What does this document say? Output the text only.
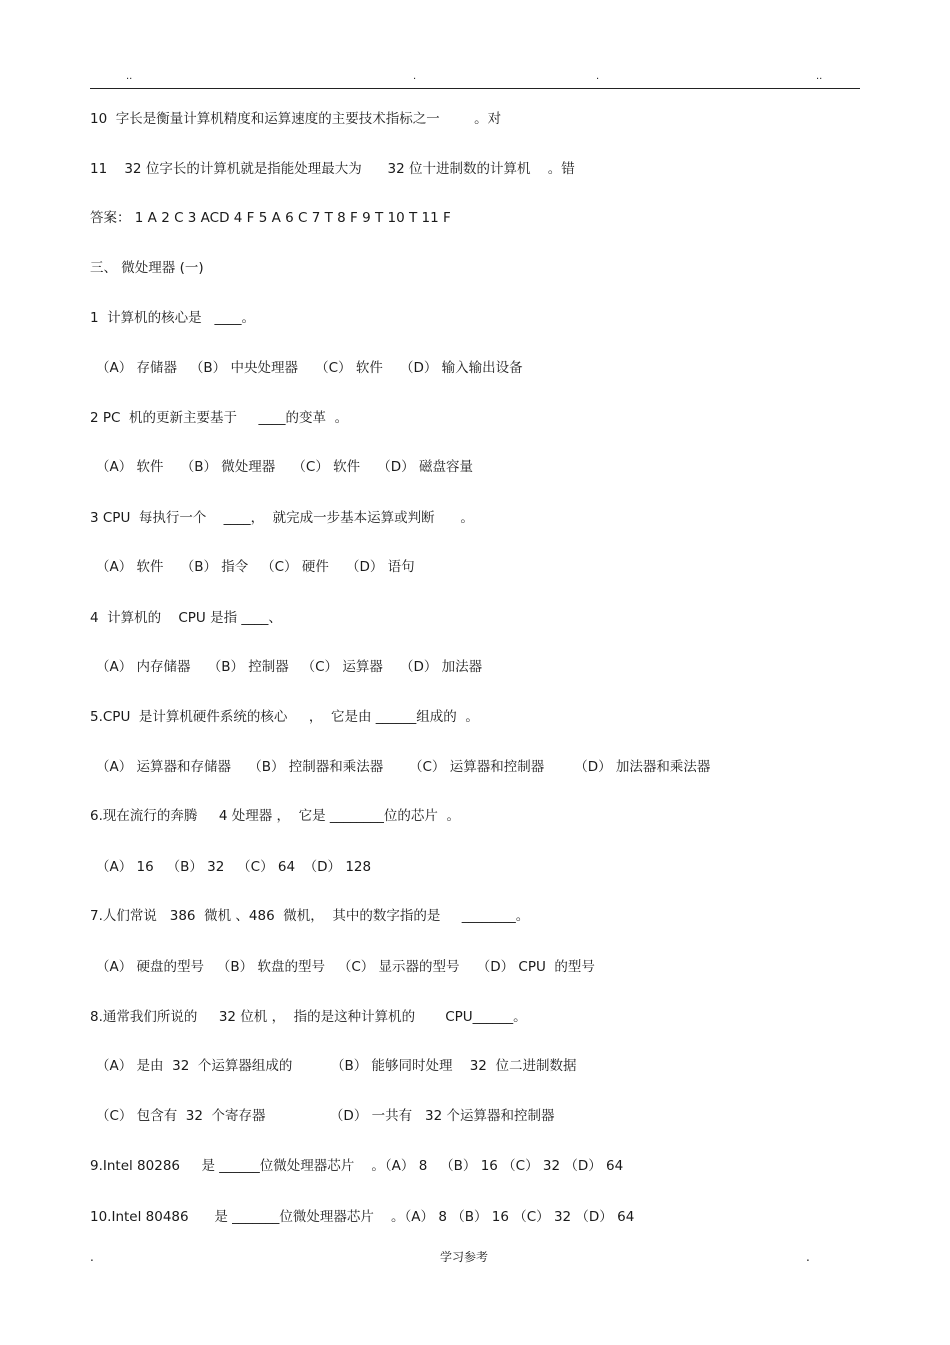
..	.	.	..
10  字长是衡量计算机精度和运算速度的主要技术指标之一        。对
11    32 位字长的计算机就是指能处理最大为      32 位十进制数的计算机    。错
答案： 1 A 2 C 3 ACD 4 F 5 A 6 C 7 T 8 F 9 T 10 T 11 F
三、 微处理器 (一)
1  计算机的核心是   ____。
（A） 存储器   （B） 中央处理器    （C） 软件    （D） 输入输出设备
2 PC  机的更新主要基于     ____的变革  。
（A） 软件    （B） 微处理器    （C） 软件    （D） 磁盘容量
3 CPU  每执行一个    ____，  就完成一步基本运算或判断      。
（A） 软件    （B） 指令   （C） 硬件    （D） 语句
4  计算机的    CPU 是指 ____、
（A） 内存储器    （B） 控制器   （C） 运算器    （D） 加法器
5.CPU  是计算机硬件系统的核心     ，  它是由 ______组成的  。
（A） 运算器和存储器    （B） 控制器和乘法器      （C） 运算器和控制器       （D） 加法器和乘法器
6.现在流行的奔腾     4 处理器 ，  它是 ________位的芯片  。
（A） 16   （B） 32   （C） 64  （D） 128
7.人们常说   386  微机 、486  微机，  其中的数字指的是     ________。
（A） 硬盘的型号   （B） 软盘的型号   （C） 显示器的型号    （D） CPU  的型号
8.通常我们所说的     32 位机 ，  指的是这种计算机的       CPU______。
（A） 是由  32  个运算器组成的         （B） 能够同时处理    32  位二进制数据
（C） 包含有  32  个寄存器               （D） 一共有   32 个运算器和控制器
9.Intel 80286     是 ______位微处理器芯片    。（A） 8   （B） 16 （C） 32 （D） 64
10.Intel 80486      是 _______位微处理器芯片    。（A） 8 （B） 16 （C） 32 （D） 64
.	学习参考	.
